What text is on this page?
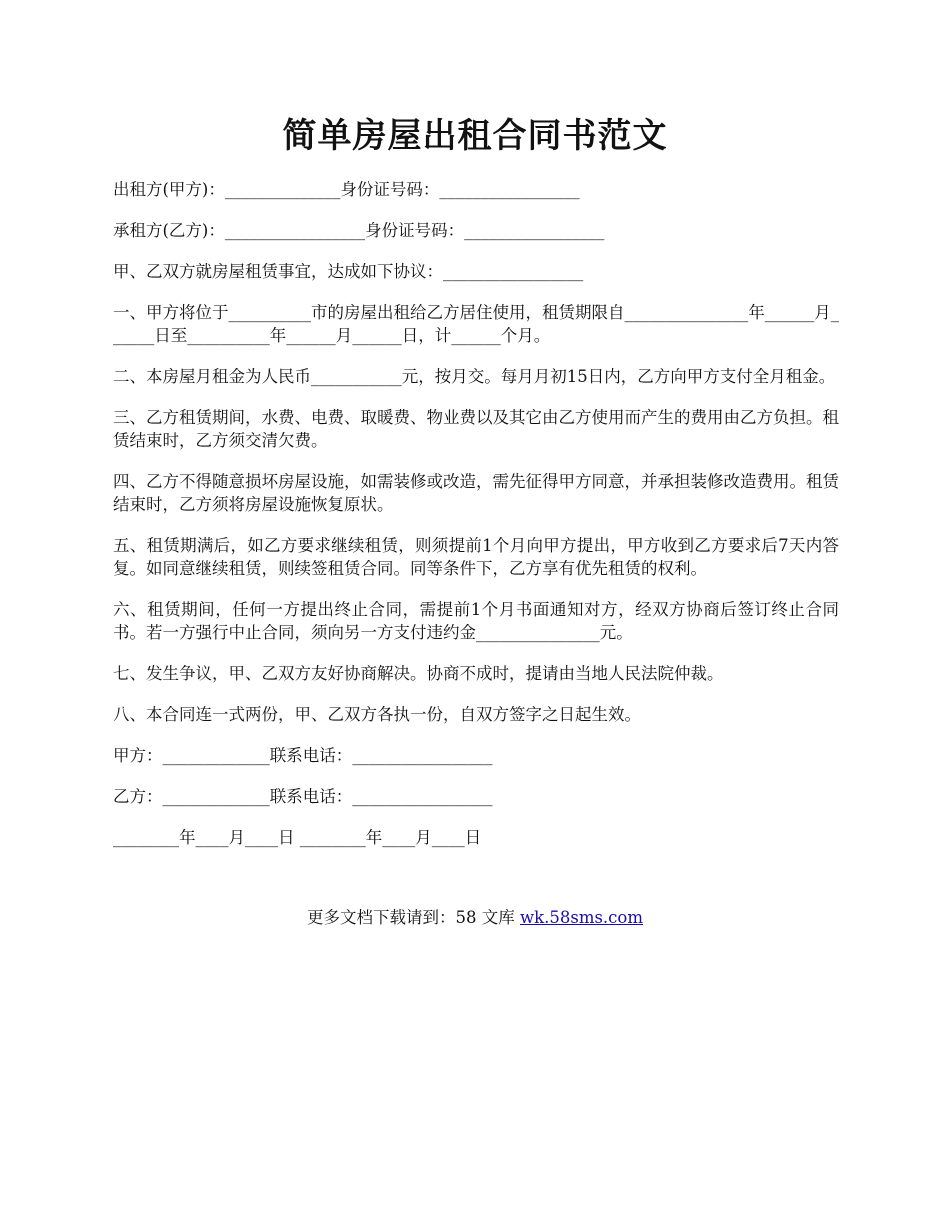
简单房屋出租合同书范文

出租方(甲方)：______________身份证号码：_________________

承租方(乙方)：_________________身份证号码：_________________

甲、乙双方就房屋租赁事宜，达成如下协议：_________________

一、甲方将位于__________市的房屋出租给乙方居住使用，租赁期限自_______________年______月______日至__________年______月______日，计______个月。

二、本房屋月租金为人民币___________元，按月交。每月月初15日内，乙方向甲方支付全月租金。

三、乙方租赁期间，水费、电费、取暖费、物业费以及其它由乙方使用而产生的费用由乙方负担。租赁结束时，乙方须交清欠费。

四、乙方不得随意损坏房屋设施，如需装修或改造，需先征得甲方同意，并承担装修改造费用。租赁结束时，乙方须将房屋设施恢复原状。

五、租赁期满后，如乙方要求继续租赁，则须提前1个月向甲方提出，甲方收到乙方要求后7天内答复。如同意继续租赁，则续签租赁合同。同等条件下，乙方享有优先租赁的权利。

六、租赁期间，任何一方提出终止合同，需提前1个月书面通知对方，经双方协商后签订终止合同书。若一方强行中止合同，须向另一方支付违约金_______________元。

七、发生争议，甲、乙双方友好协商解决。协商不成时，提请由当地人民法院仲裁。

八、本合同连一式两份，甲、乙双方各执一份，自双方签字之日起生效。

甲方：_____________联系电话：_________________

乙方：_____________联系电话：_________________

________年____月____日 ________年____月____日

更多文档下载请到：58 文库 wk.58sms.com
